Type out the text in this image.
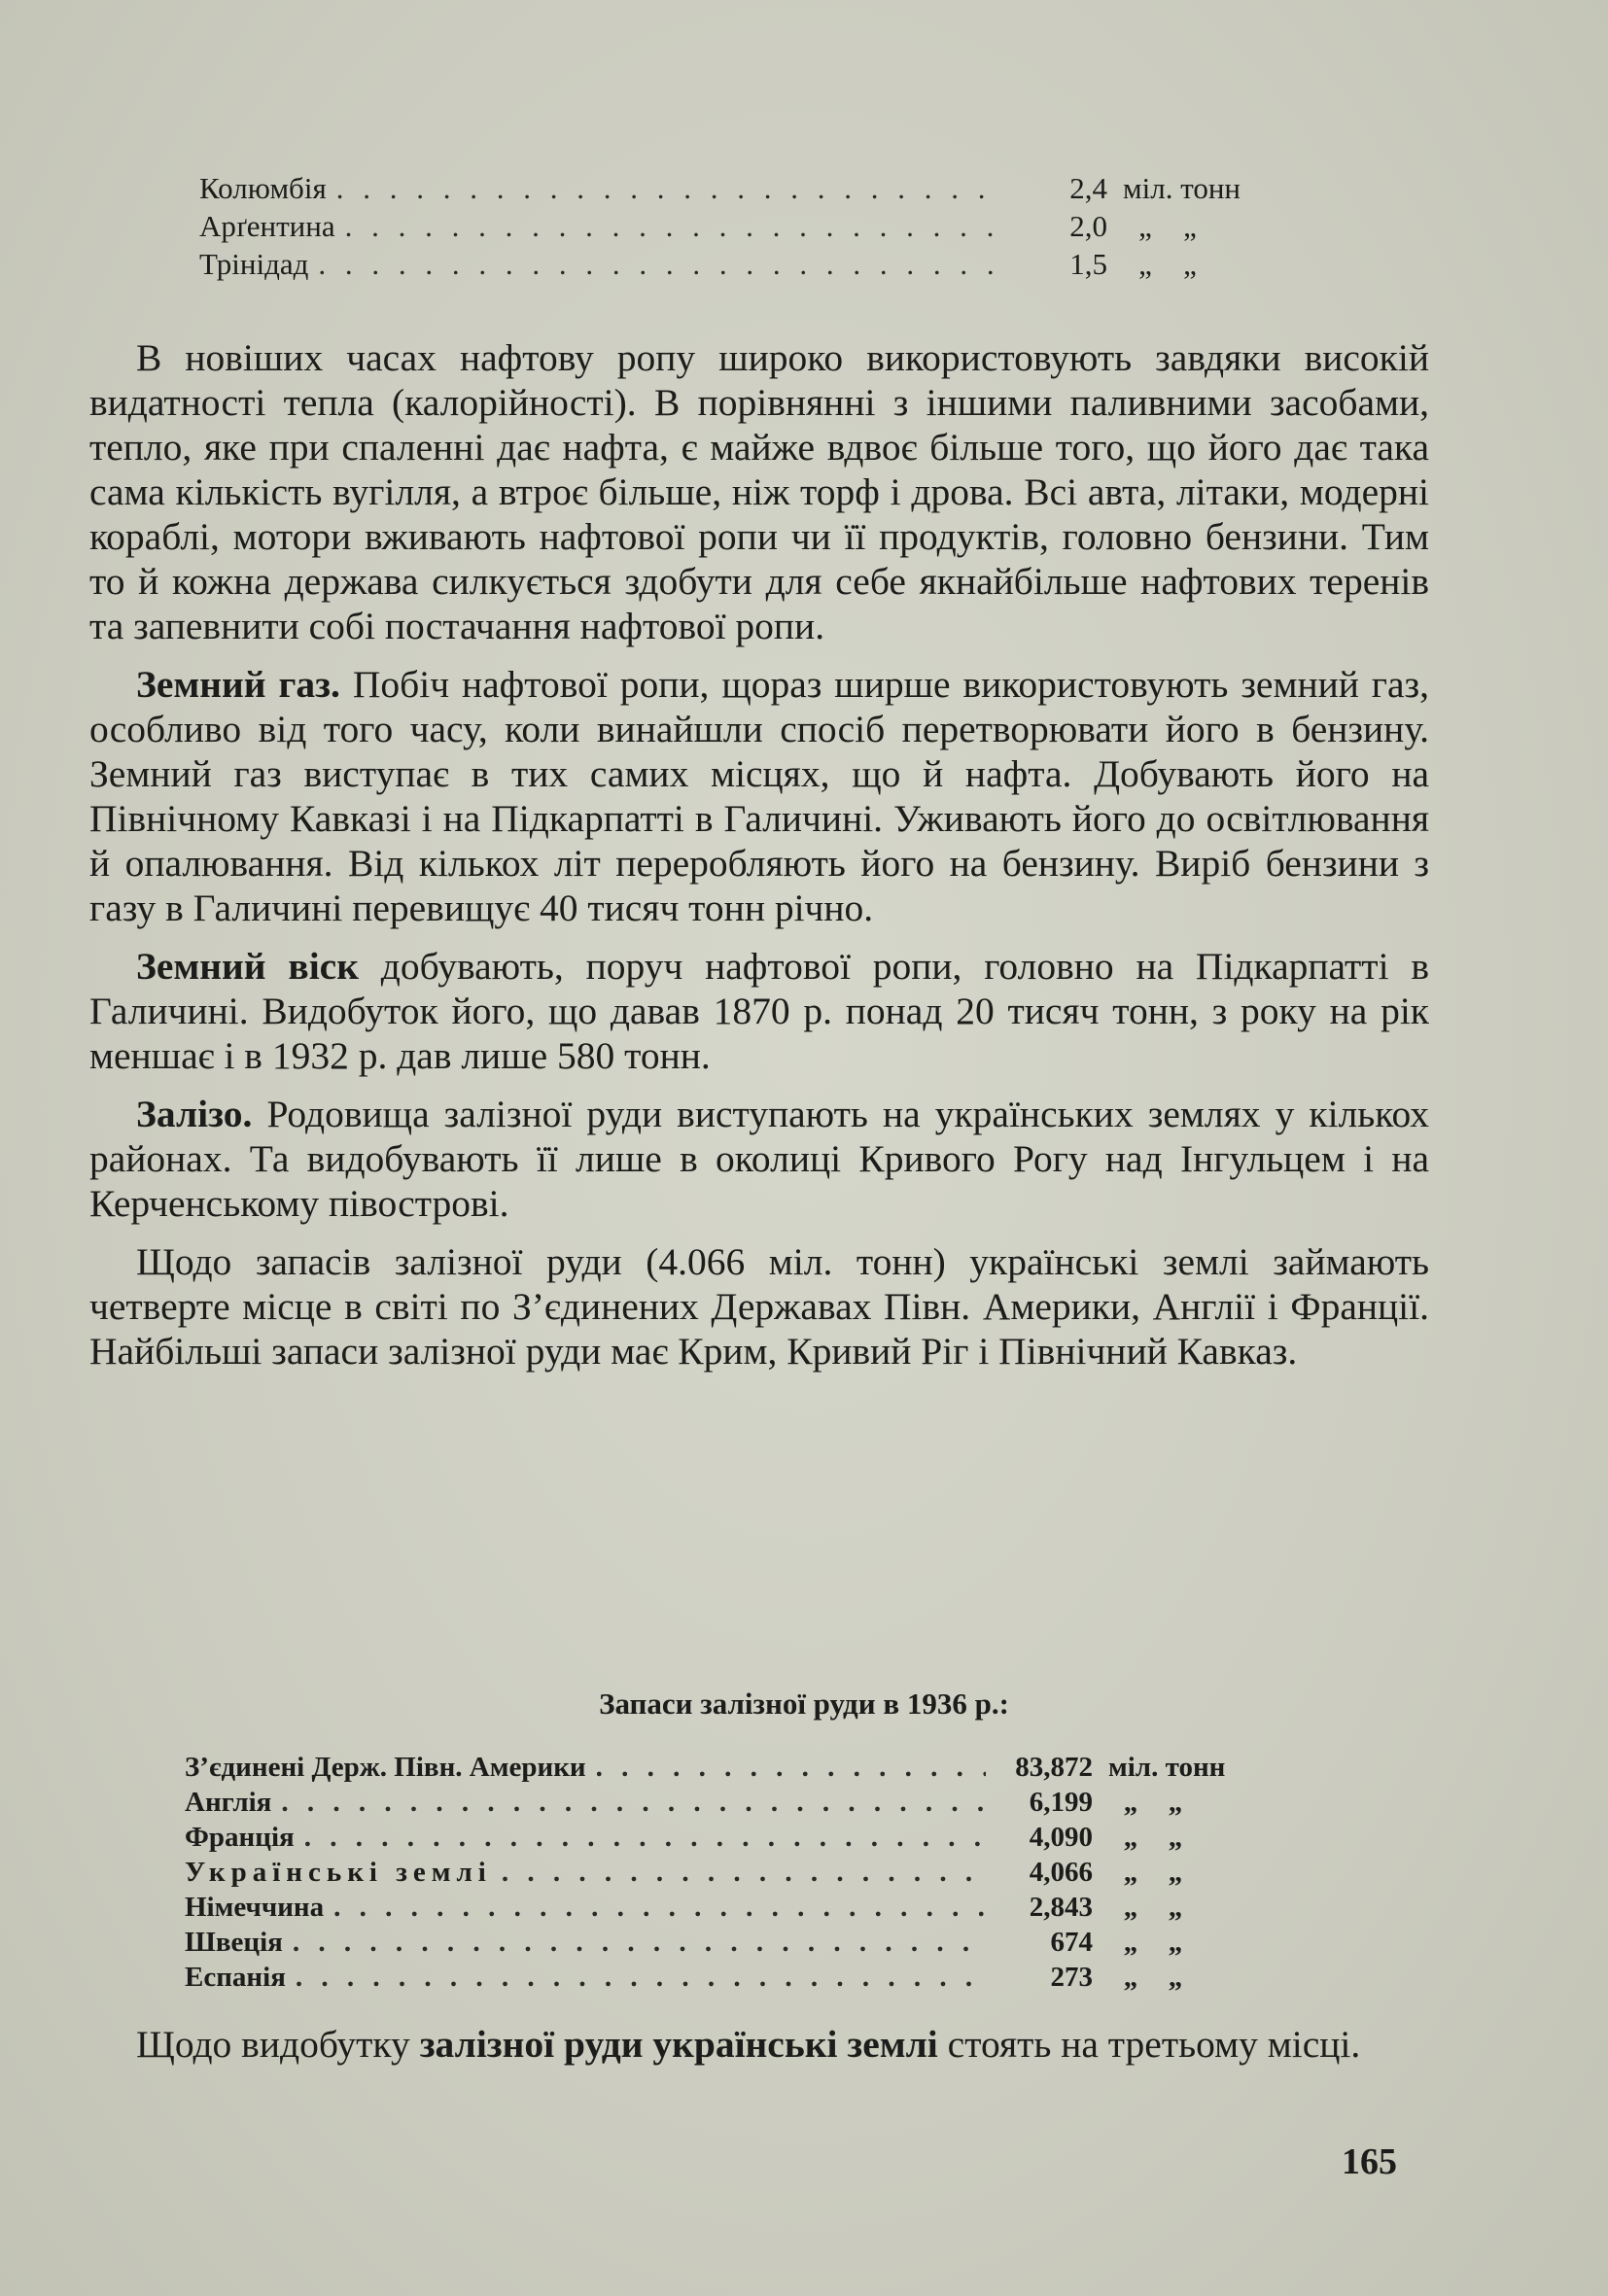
Колюмбія . . .	2,4 міл. тонн
Арґентина . . .	2,0	„ „
Трінідад . . .	1,5	„ „

В новіших часах нафтову ропу широко використовують завдяки високій видатності тепла (калорійності). В порівнянні з іншими паливними засобами, тепло, яке при спаленні дає нафта, є майже вдвоє більше того, що його дає така сама кількість вугілля, а втроє більше, ніж торф і дрова. Всі авта, літаки, модерні кораблі, мотори вживають нафтової ропи чи її продуктів, головно бензини. Тим то й кожна держава силкується здобути для себе якнайбільше нафтових теренів та запевнити собі постачання нафтової ропи.

Земний газ. Побіч нафтової ропи, щораз ширше використовують земний газ, особливо від того часу, коли винайшли спосіб перетворювати його в бензину. Земний газ виступає в тих самих місцях, що й нафта. Добувають його на Північному Кавказі і на Підкарпатті в Галичині. Уживають його до освітлювання й опалювання. Від кількох літ переробляють його на бензину. Виріб бензини з газу в Галичині перевищує 40 тисяч тонн річно.

Земний віск добувають, поруч нафтової ропи, головно на Підкарпатті в Галичині. Видобуток його, що давав 1870 р. понад 20 тисяч тонн, з року на рік меншає і в 1932 р. дав лише 580 тонн.

Залізо. Родовища залізної руди виступають на українських землях у кількох районах. Та видобувають її лише в околиці Кривого Рогу над Інгульцем і на Керченському півострові.

Щодо запасів залізної руди (4.066 міл. тонн) українські землі займають четверте місце в світі по З’єдинених Державах Півн. Америки, Англії і Франції. Найбільші запаси залізної руди має Крим, Кривий Ріг і Північний Кавказ.

Запаси залізної руди в 1936 р.:
З’єдинені Держ. Півн. Америки . . .	83,872 міл. тонн
Англія . . .	6,199	„ „
Франція . . .	4,090	„ „
Українські землі . . .	4,066	„ „
Німеччина . . .	2,843	„ „
Швеція . . .	674	„ „
Еспанія . . .	273	„ „
Щодо видобутку залізної руди українські землі стоять на третьому місці.
165
